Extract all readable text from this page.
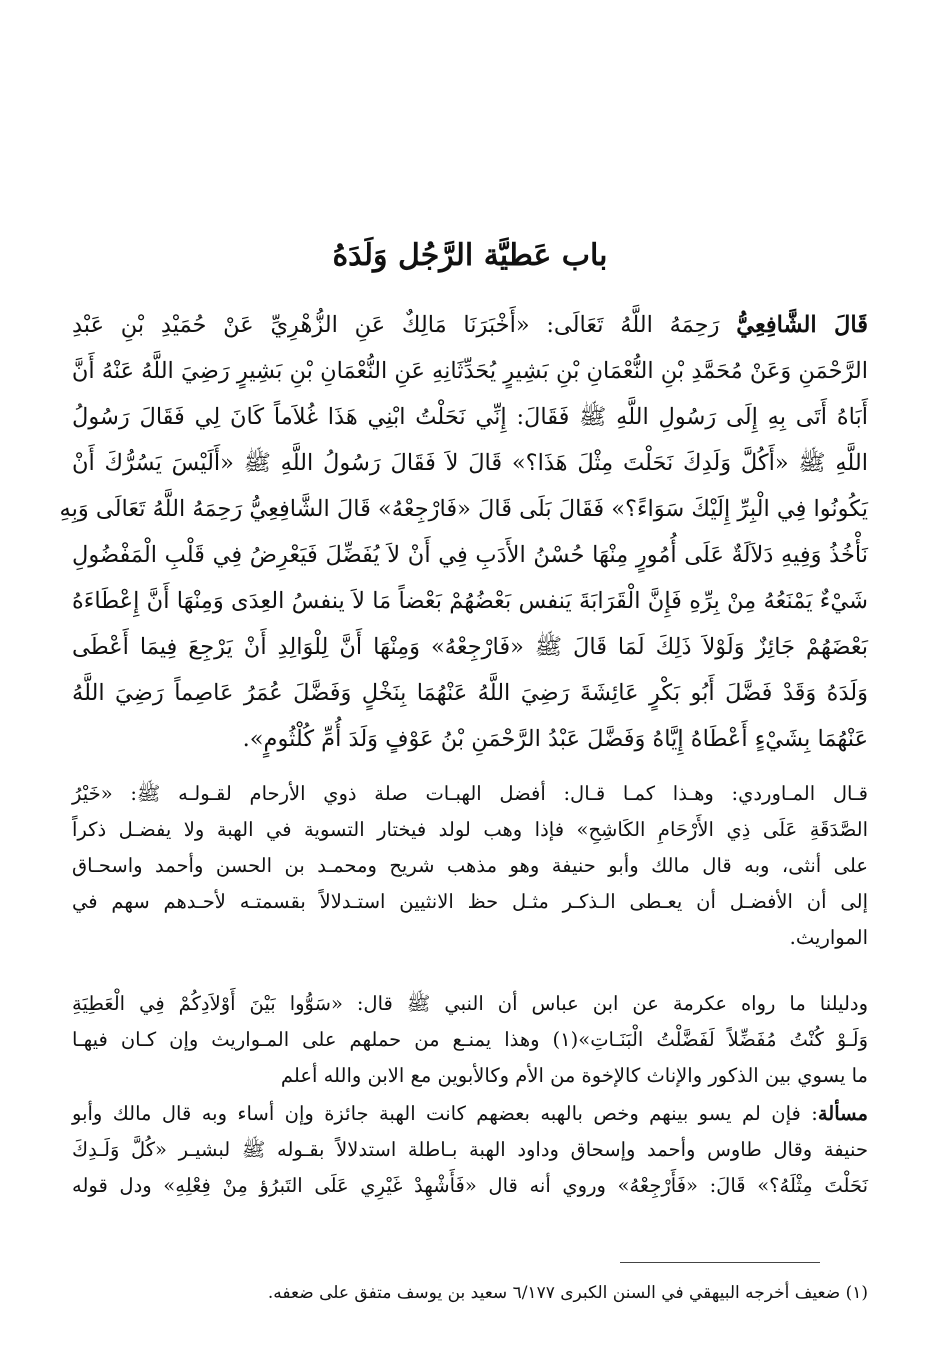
باب عَطيَّة الرَّجُل وَلَدَهُ
قَالَ الشَّافِعِيُّ رَحِمَهُ اللَّهُ تَعَالَى: «أَخْبَرَنَا مَالِكٌ عَنِ الزُّهْرِيِّ عَنْ حُمَيْدِ بْنِ عَبْدِ
الرَّحْمَنِ وَعَنْ مُحَمَّدِ بْنِ النُّعْمَانِ بْنِ بَشِيرٍ يُحَدِّثَانِهِ عَنِ النُّعْمَانِ بْنِ بَشِيرٍ رَضِيَ اللَّهُ عَنْهُ أَنَّ
أَبَاهُ أَتَى بِهِ إِلَى رَسُولِ اللَّهِ ﷺ فَقَالَ: إِنِّي نَحَلْتُ ابْنِي هَذَا غُلاَماً كَانَ لِي فَقَالَ رَسُولُ
اللَّهِ ﷺ «أَكُلَّ وَلَدِكَ نَحَلْتَ مِثْلَ هَذَا؟» قَالَ لاَ فَقَالَ رَسُولُ اللَّهِ ﷺ «أَلَيْسَ يَسُرُّكَ أَنْ
يَكُونُوا فِي الْبِرِّ إِلَيْكَ سَوَاءً؟» فَقَالَ بَلَى قَالَ «فَارْجِعْهُ» قَالَ الشَّافِعِيُّ رَحِمَهُ اللَّهُ تَعَالَى وَبِهِ
نَأْخُذُ وَفِيهِ دَلاَلَةٌ عَلَى أُمُورٍ مِنْهَا حُسْنُ الأَدَبِ فِي أَنْ لاَ يُفَضِّلَ فَيَعْرِضُ فِي قَلْبِ الْمَفْضُولِ
شَيْءٌ يَمْنَعُهُ مِنْ بِرِّهِ فَإِنَّ الْقَرَابَةَ يَنفس بَعْضُهُمْ بَعْضاً مَا لاَ ينفسُ العِدَى وَمِنْهَا أَنَّ إِعْطَاءَهُ
بَعْضَهُمْ جَائِزٌ وَلَوْلاَ ذَلِكَ لَمَا قَالَ ﷺ «فَارْجِعْهُ» وَمِنْهَا أَنَّ لِلْوَالِدِ أَنْ يَرْجِعَ فِيمَا أَعْطَى
وَلَدَهُ وَقَدْ فَضَّلَ أَبُو بَكْرٍ عَائِشَةَ رَضِيَ اللَّهُ عَنْهُمَا بِنَخْلٍ وَفَضَّلَ عُمَرُ عَاصِماً رَضِيَ اللَّهُ
عَنْهُمَا بِشَيْءٍ أَعْطَاهُ إِيَّاهُ وَفَضَّلَ عَبْدُ الرَّحْمَنِ بْنُ عَوْفٍ وَلَدَ أُمِّ كُلْثُومٍ».
قـال المـاوردي: وهـذا كمـا قـال: أفضل الهبـات صلة ذوي الأرحام لقـولـه ﷺ: «خَيْرُ
الصَّدَقَةِ عَلَى ذِي الأَرْحَامِ الكَاشِحِ» فإذا وهب لولد فيختار التسوية في الهبة ولا يفضـل ذكراً
على أنثى، وبه قال مالك وأبو حنيفة وهو مذهب شريح ومحمـد بن الحسن وأحمد واسحـاق
إلى أن الأفضـل أن يعـطى الـذكـر مثـل حظ الانثيين استـدلالاً بقسمتـه لأحـدهم سهم في
المواريث.
ودليلنا ما رواه عكرمة عن ابن عباس أن النبي ﷺ قال: «سَوُّوا بَيْنَ أَوْلاَدِكُمْ فِي الْعَطِيَةِ
وَلَـوْ كُنْتُ مُفَضِّلاً لَفَضَّلْتُ الْبَنَـاتِ»(١) وهذا يمنـع من حملهم على المـواريث وإن كـان فيهـا
ما يسوي بين الذكور والإناث كالإخوة من الأم وكالأبوين مع الابن والله أعلم
مسألة: فإن لم يسو بينهم وخص بالهبه بعضهم كانت الهبة جائزة وإن أساء وبه قال مالك وأبو
حنيفة وقال طاوس وأحمد وإسحاق وداود الهبة بـاطلة استدلالاً بقـوله ﷺ لبشيـر «كُلَّ وَلَـدِكَ
نَحَلْتَ مِثْلَهُ؟» قَالَ: «فَأَرْجِعْهُ» وروي أنه قال «فَأَشْهِدْ غَيْرِي عَلَى التَبرُؤ مِنْ فِعْلِهِ» ودل قوله
(١) ضعيف أخرجه البيهقي في السنن الكبرى ٦/١٧٧ سعيد بن يوسف متفق على ضعفه.
